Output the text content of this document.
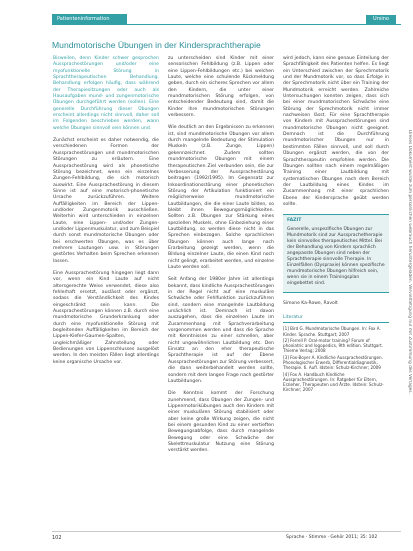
Patienteninformation	Ursino
Mundmotorische Übungen in der Kindersprachtherapie
Dieses Dokument wurde zum persönlichen Gebrauch heruntergeladen. Vervielfältigung nur mit Zustimmung des Verlages.

Bisweilen, denn Kinder schwer gesprochen Aussprachestörungen und/oder eine myofunktionelle Störung in Sprachtherapeutischen Behandlung. Behandlung erfolgen häufig, dass während der Therapiesitzungen oder auch als Hausaufgaben mund- und zungenmotorische Übungen durchgeführt werden (sollen). Eine generelle Durchführung dieser Übungen erscheint allerdings nicht sinnvoll, daher soll im Folgenden beschrieben werden, wann welche Übungen sinnvoll sein können und.

Zunächst erscheint es daher notwendig, die verschiedenen Formen der Aussprachestörungen und mundmotorischen Störungen zu erläutern. Eine Aussprachestörung wird als phonetische Störung bezeichnet, wenn ein einzelnes Zungen-Fehlbildung, die sich motorisch auswirkt. Eine Aussprachestörung in diesem Sinne ist auf eine motorisch-phonetische Ursache zurückzuführen. Weitere Auffälligkeiten im Bereich der Lippen- und/oder Zungenmotorik ausschließen. Weiterhin wird unterschieden in einzelnen Laute, eine Lippen- und/oder Zungen- und/oder Lippenmuskulatur, und zum Beispiel durch sonst mundmotorische Übungen oder bei erschwerten Übungen, was es über mehrere Lautungen usw. in Störungen gestörtes Verhalten beim Sprechen erkennen lassen.

Eine Aussprachestörung hingegen liegt dann vor, wenn ein Kind Laute auf nicht altersgerechte Weise verwendet, diese also fehlerhaft ersetzt, auslässt oder ergänzt, sodass die Verständlichkeit des Kindes eingeschränkt sein kann. Die Aussprachestörungen können z.B. durch eine mundmotorische Grunderkrankung oder durch eine myofunktionelle Störung mit begleitenden Auffälligkeiten im Bereich der Lippen-Kiefer-Gaumen-Spalten, ungleichmäßiger Zahnstellung oder Bedienungen von Lippenschlusses ausgelöst werden. In den meisten Fällen liegt allerdings keine organische Ursache vor.

zu unterscheiden sind Kinder mit einer sensorischen Fehlbildung (z.B. Lippen oder eine Lippen-Fehlbildungen etc.) bei welchen Laute, welche eine schulende Rückmeldung geben, durch ein sicheres Sprechen vor allem den Kindern, die unter einer mundmotorischen Störung erfolgen, von entscheidender Bedeutung sind, damit die Kinder ihre mundmotorischen Störungen verbessern.

Wie deutlich an den Ergebnissen zu erkennen ist, sind mundmotorische Übungen vor allem durch mangelnde Bedeutung der Stimulation Muskeln (z.B. Zunge, Lippen) gekennzeichnet. Zudem sollten mundmotorische Übungen mit einem therapeutischen Ziel verbunden sein, die zur Verbesserung der Aussprachestörung beitragen (1992/1995). Im Gegensatz zur Inkoordinationsstörung einer phonetischen Störung der Artikulation funktioniert ein möglicherweise mundmotorische Lautbildungen, die die einer Laute bilden, so bleibt ihnen Bewegungsmöglichkeiten. Sollten z.B. Übungen zur Stärkung eines speziellen Muskels, ohne Einbeziehung einer Lautbildung, so werden diese nicht in das Sprechen einbezogen. Solche sprachlichen Übungen können auch lange nach Erarbeitung gezeigt werden, wenn die Bildung einzelner Laute, die einen Kind noch nicht gelingt, erarbeitet werden, und einzelne Laute werden soll.

Seit Anfang der 1980er Jahre ist allerdings bekannt, dass kindliche Aussprachestörungen in der Regel nicht auf eine muskuläre Schwäche oder Fehlfunktion zurückzuführen sind, sondern eine mangelnde Lautbildung ursächlich ist. Demnach ist davon auszugehen, dass die einzelnen Laute im Zusammenhang mit Sprachverarbeitung vorgenommen werden und dass die Sprache mit Kenntnissen zu einer schnellen, aber nicht ungewöhnlichen Lautbildung etc. Den Einsatz an den eher therapeutische Sprachtherapie ist auf der Ebene Aussprachestörungen zur Störung verbessert, die dann weiterbehandelt werden sollte, sondern mit dem langen Frage nach gestörter Lautbildungen.

Die Kenntnis kommt der Forschung zunehmend, dass Übungen der Zungen- und Lippenmotorikübungen auch den Kindern mit einer muskulären Störung stabilisiert oder aber keine große Wirkung zeigen, die nicht bei einem gesunden Kind zu einer vertieften Bewegungsabfolge, dass durch mangelnde Bewegung oder eine Schwäche der Skelettmuskulatur Nutzung eine Störung verstärkt werden.

wird jedoch, kann eine genaue Einteilung der Sprachfähigkeit des Patienten helfen. Es liegt ein Unterschied zwischen der Sprechmotorik und der Mundmotorik vor, so dass Erfolge in der Sprechmotorik nicht über ein Training der Mundmotorik erreicht werden. Zahlreiche Untersuchungen konnten zeigen, dass sich bei einer mundmotorischen Schwäche eine Störung der Sprechmotorik nicht immer nachweisen lässt. Für eine Sprachtherapie von Kindern mit Aussprachestörungen sind mundmotorische Übungen nicht geeignet. Demnach ist die Durchführung mundmotorischer Übungen nur in bestimmten Fällen sinnvoll, und soll durch Übungen ergänzt werden, die von der Sprachtherapeutin empfohlen werden. Die Übungen sollten nach einem regelmäßigen Training einer Lautbildung mit systematischen Übungen nach dem Bereich der Lautbildung eines Kindes im Zusammenhang mit einer sprachlichen Ebene der Kindersprache geübt werden sollte.

FAZIT
Generelle, unspezifische Übungen zur Mundmotorik sind zur Aussprachetherapie kein sinnvolles therapeutisches Mittel. Bei der Behandlung von Kindern sprachlich angepasste Übungen sind neben der Sprachtherapie sinnvolle Therapie. In Einzelfällen (Dyspraxie) können spezifische mundmotorische Übungen hilfreich sein, wenn sie in einem Trainingsplan eingebettet sind.
Simone Ka-Rowe, Ravolt
Literatur
[1] Bird G. Mundmotorische Übungen. In: Fox A. Kinder. Sprache. Stuttgart; 2007
[2] Ferrell P. Oral-motor training? Forum of phoniatric and logopedics, 9th edition. Stuttgart. Thieme Verlag; 2008
[3] Fox-Boyer A. Kindliche Aussprachestörungen. Phonologischer Erwerb, Differentialdiagnostik, Therapie. 6. Aufl. Idstein: Schulz-Kirchner; 2009
[4] Fox A. Handbuch Kindliche Aussprachestörungen. In: Ratgeber für Eltern, Erzieher, Therapeuten und Ärzte. Idstein: Schulz-Kirchner; 2007
102	Sprache · Stimme · Gehör 2011; 35: 102
